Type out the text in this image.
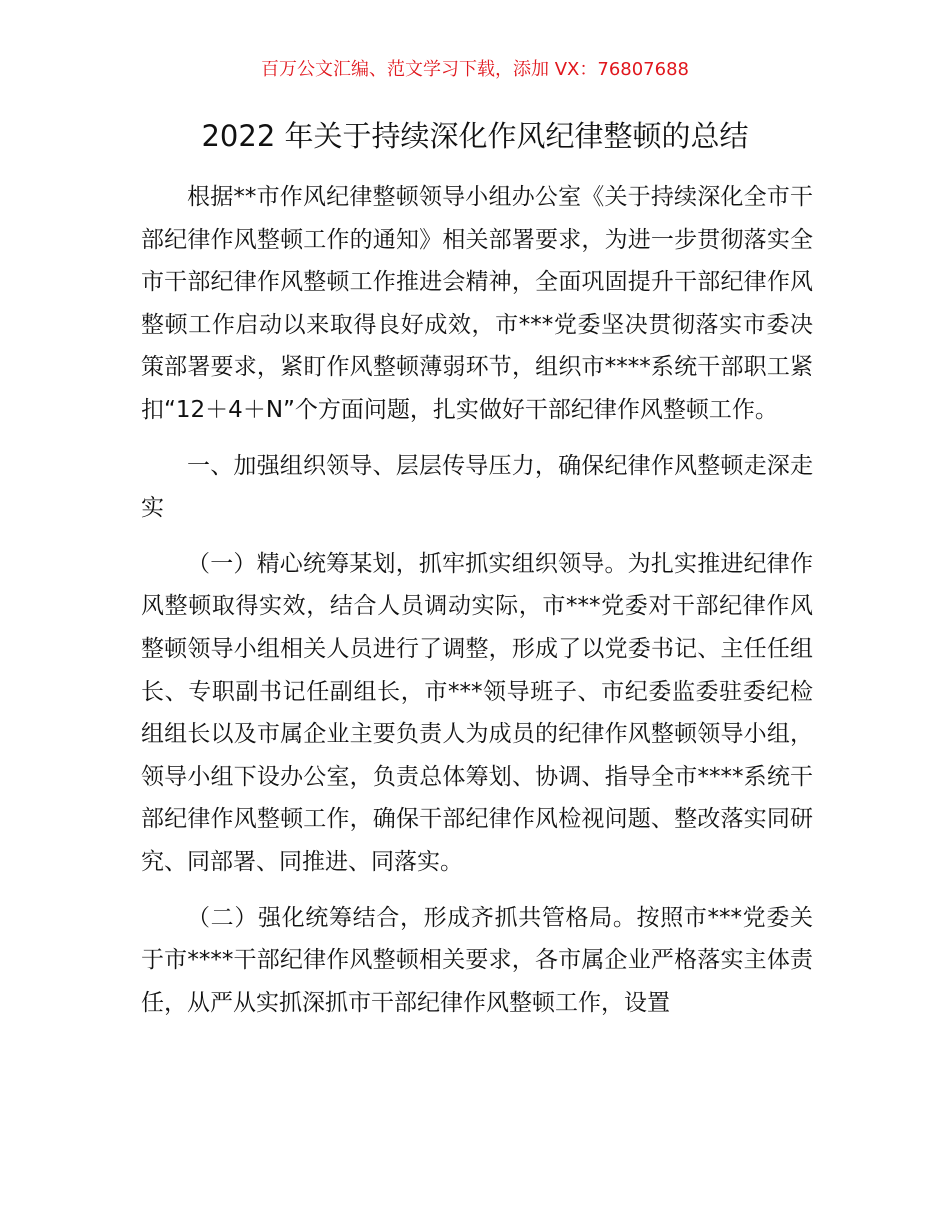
百万公文汇编、范文学习下载，添加 VX：76807688
2022 年关于持续深化作风纪律整顿的总结

根据**市作风纪律整顿领导小组办公室《关于持续深化全市干部纪律作风整顿工作的通知》相关部署要求，为进一步贯彻落实全市干部纪律作风整顿工作推进会精神，全面巩固提升干部纪律作风整顿工作启动以来取得良好成效，市***党委坚决贯彻落实市委决策部署要求，紧盯作风整顿薄弱环节，组织市****系统干部职工紧扣“12＋4＋N”个方面问题，扎实做好干部纪律作风整顿工作。

一、加强组织领导、层层传导压力，确保纪律作风整顿走深走实

（一）精心统筹某划，抓牢抓实组织领导。为扎实推进纪律作风整顿取得实效，结合人员调动实际，市***党委对干部纪律作风整顿领导小组相关人员进行了调整，形成了以党委书记、主任任组长、专职副书记任副组长，市***领导班子、市纪委监委驻委纪检组组长以及市属企业主要负责人为成员的纪律作风整顿领导小组，领导小组下设办公室，负责总体筹划、协调、指导全市****系统干部纪律作风整顿工作，确保干部纪律作风检视问题、整改落实同研究、同部署、同推进、同落实。

（二）强化统筹结合，形成齐抓共管格局。按照市***党委关于市****干部纪律作风整顿相关要求，各市属企业严格落实主体责任，从严从实抓深抓市干部纪律作风整顿工作，设置
